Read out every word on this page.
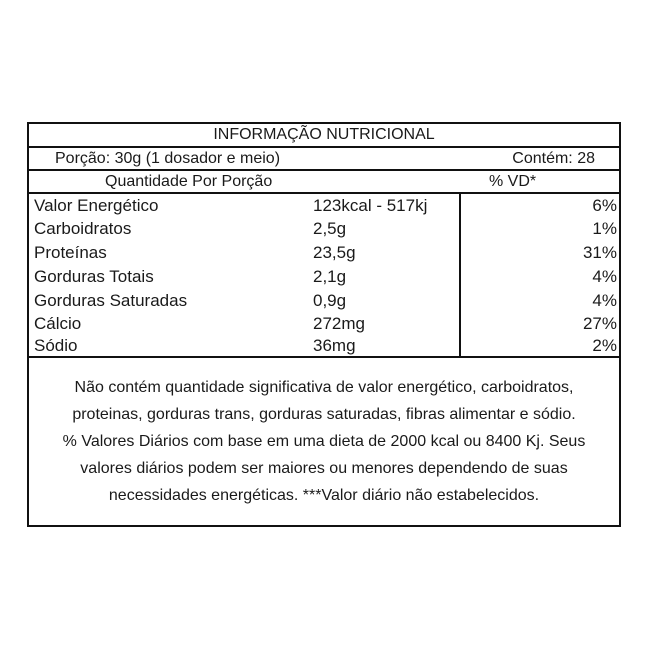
INFORMAÇÃO NUTRICIONAL
Porção: 30g (1 dosador e meio)	Contém: 28
Quantidade Por Porção	% VD*
Valor Energético	123kcal - 517kj	6%
Carboidratos	2,5g	1%
Proteínas	23,5g	31%
Gorduras Totais	2,1g	4%
Gorduras Saturadas	0,9g	4%
Cálcio	272mg	27%
Sódio	36mg	2%

Não contém quantidade significativa de valor energético, carboidratos,

proteinas, gorduras trans, gorduras saturadas, fibras alimentar e sódio.

% Valores Diários com base em uma dieta de 2000 kcal ou 8400 Kj. Seus

valores diários podem ser maiores ou menores dependendo de suas

necessidades energéticas. ***Valor diário não estabelecidos.
